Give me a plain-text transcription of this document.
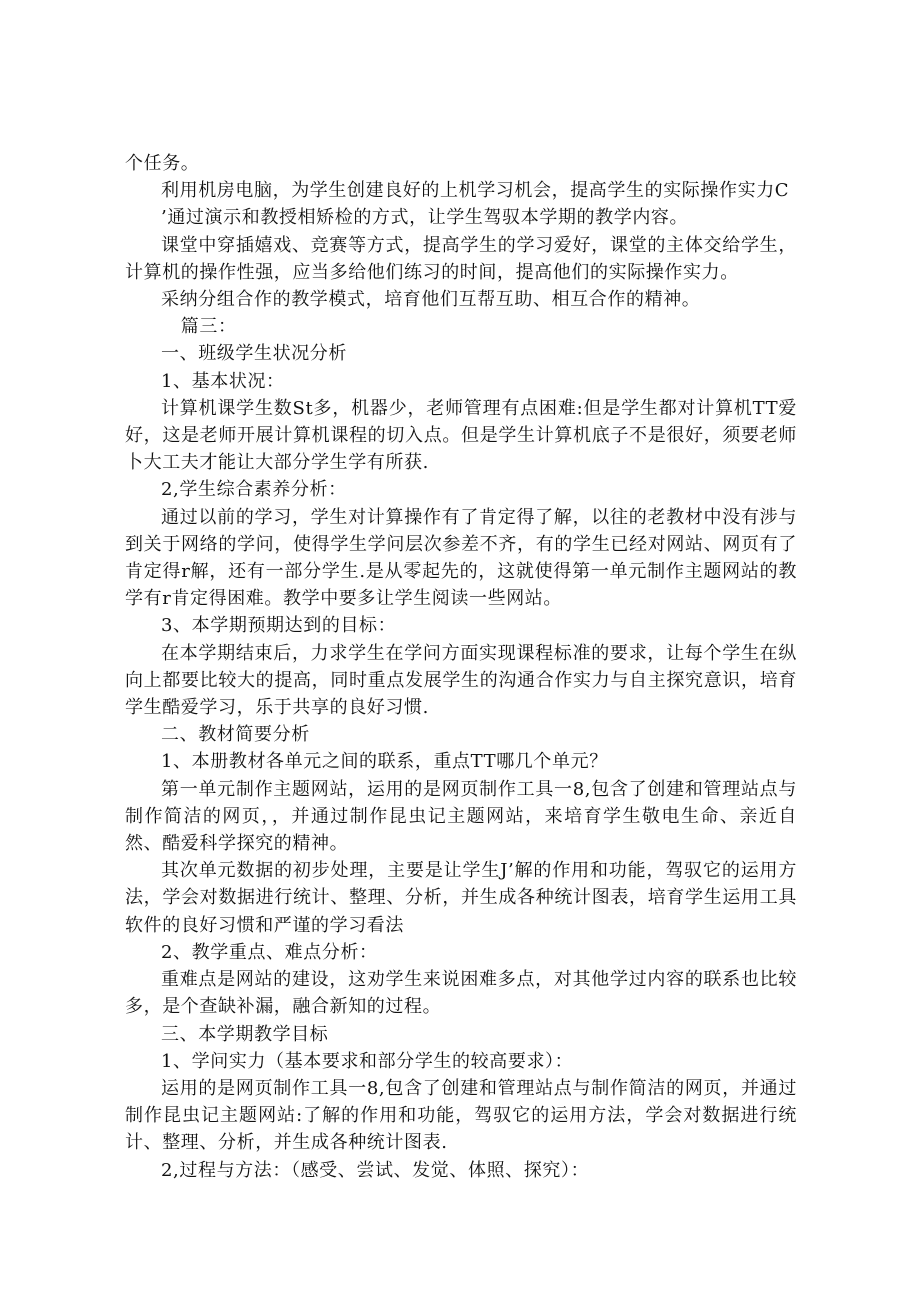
个任务。

利用机房电脑，为学生创建良好的上机学习机会，提高学生的实际操作实力C

’通过演示和教授相矫检的方式，让学生驾驭本学期的教学内容。

课堂中穿插嬉戏、竞赛等方式，提高学生的学习爱好，课堂的主体交给学生，计算机的操作性强，应当多给他们练习的时间，提高他们的实际操作实力。

采纳分组合作的教学模式，培育他们互帮互助、相互合作的精神。

篇三：

一、班级学生状况分析

1、基本状况：

计算机课学生数St多，机器少，老师管理有点困难:但是学生都对计算机TT爱好，这是老师开展计算机课程的切入点。但是学生计算机底子不是很好，须要老师卜大工夫才能让大部分学生学有所获.

2,学生综合素养分析：

通过以前的学习，学生对计算操作有了肯定得了解，以往的老教材中没有涉与到关于网络的学问，使得学生学问层次参差不齐，有的学生已经对网站、网页有了肯定得r解，还有一部分学生.是从零起先的，这就使得第一单元制作主题网站的教学有r肯定得困难。教学中要多让学生阅读一些网站。

3、本学期预期达到的目标：

在本学期结束后，力求学生在学问方面实现课程标准的要求，让每个学生在纵向上都要比较大的提高，同时重点发展学生的沟通合作实力与自主探究意识，培育学生酷爱学习，乐于共享的良好习惯.

二、教材简要分析

1、本册教材各单元之间的联系，重点TT哪几个单元？

第一单元制作主题网站，运用的是网页制作工具一8,包含了创建和管理站点与制作简洁的网页，，并通过制作昆虫记主题网站，来培育学生敬电生命、亲近自然、酷爱科学探究的精神。

其次单元数据的初步处理，主要是让学生J’解的作用和功能，驾驭它的运用方法，学会对数据进行统计、整理、分析，并生成各种统计图表，培育学生运用工具软件的良好习惯和严谨的学习看法

2、教学重点、难点分析：

重难点是网站的建设，这劝学生来说困难多点，对其他学过内容的联系也比较多，是个查缺补漏，融合新知的过程。

三、本学期教学目标

1、学问实力（基本要求和部分学生的较高要求）：

运用的是网页制作工具一8,包含了创建和管理站点与制作简洁的网页，并通过制作昆虫记主题网站:了解的作用和功能，驾驭它的运用方法，学会对数据进行统计、整理、分析，并生成各种统计图表.

2,过程与方法：（感受、尝试、发觉、体照、探究）：
